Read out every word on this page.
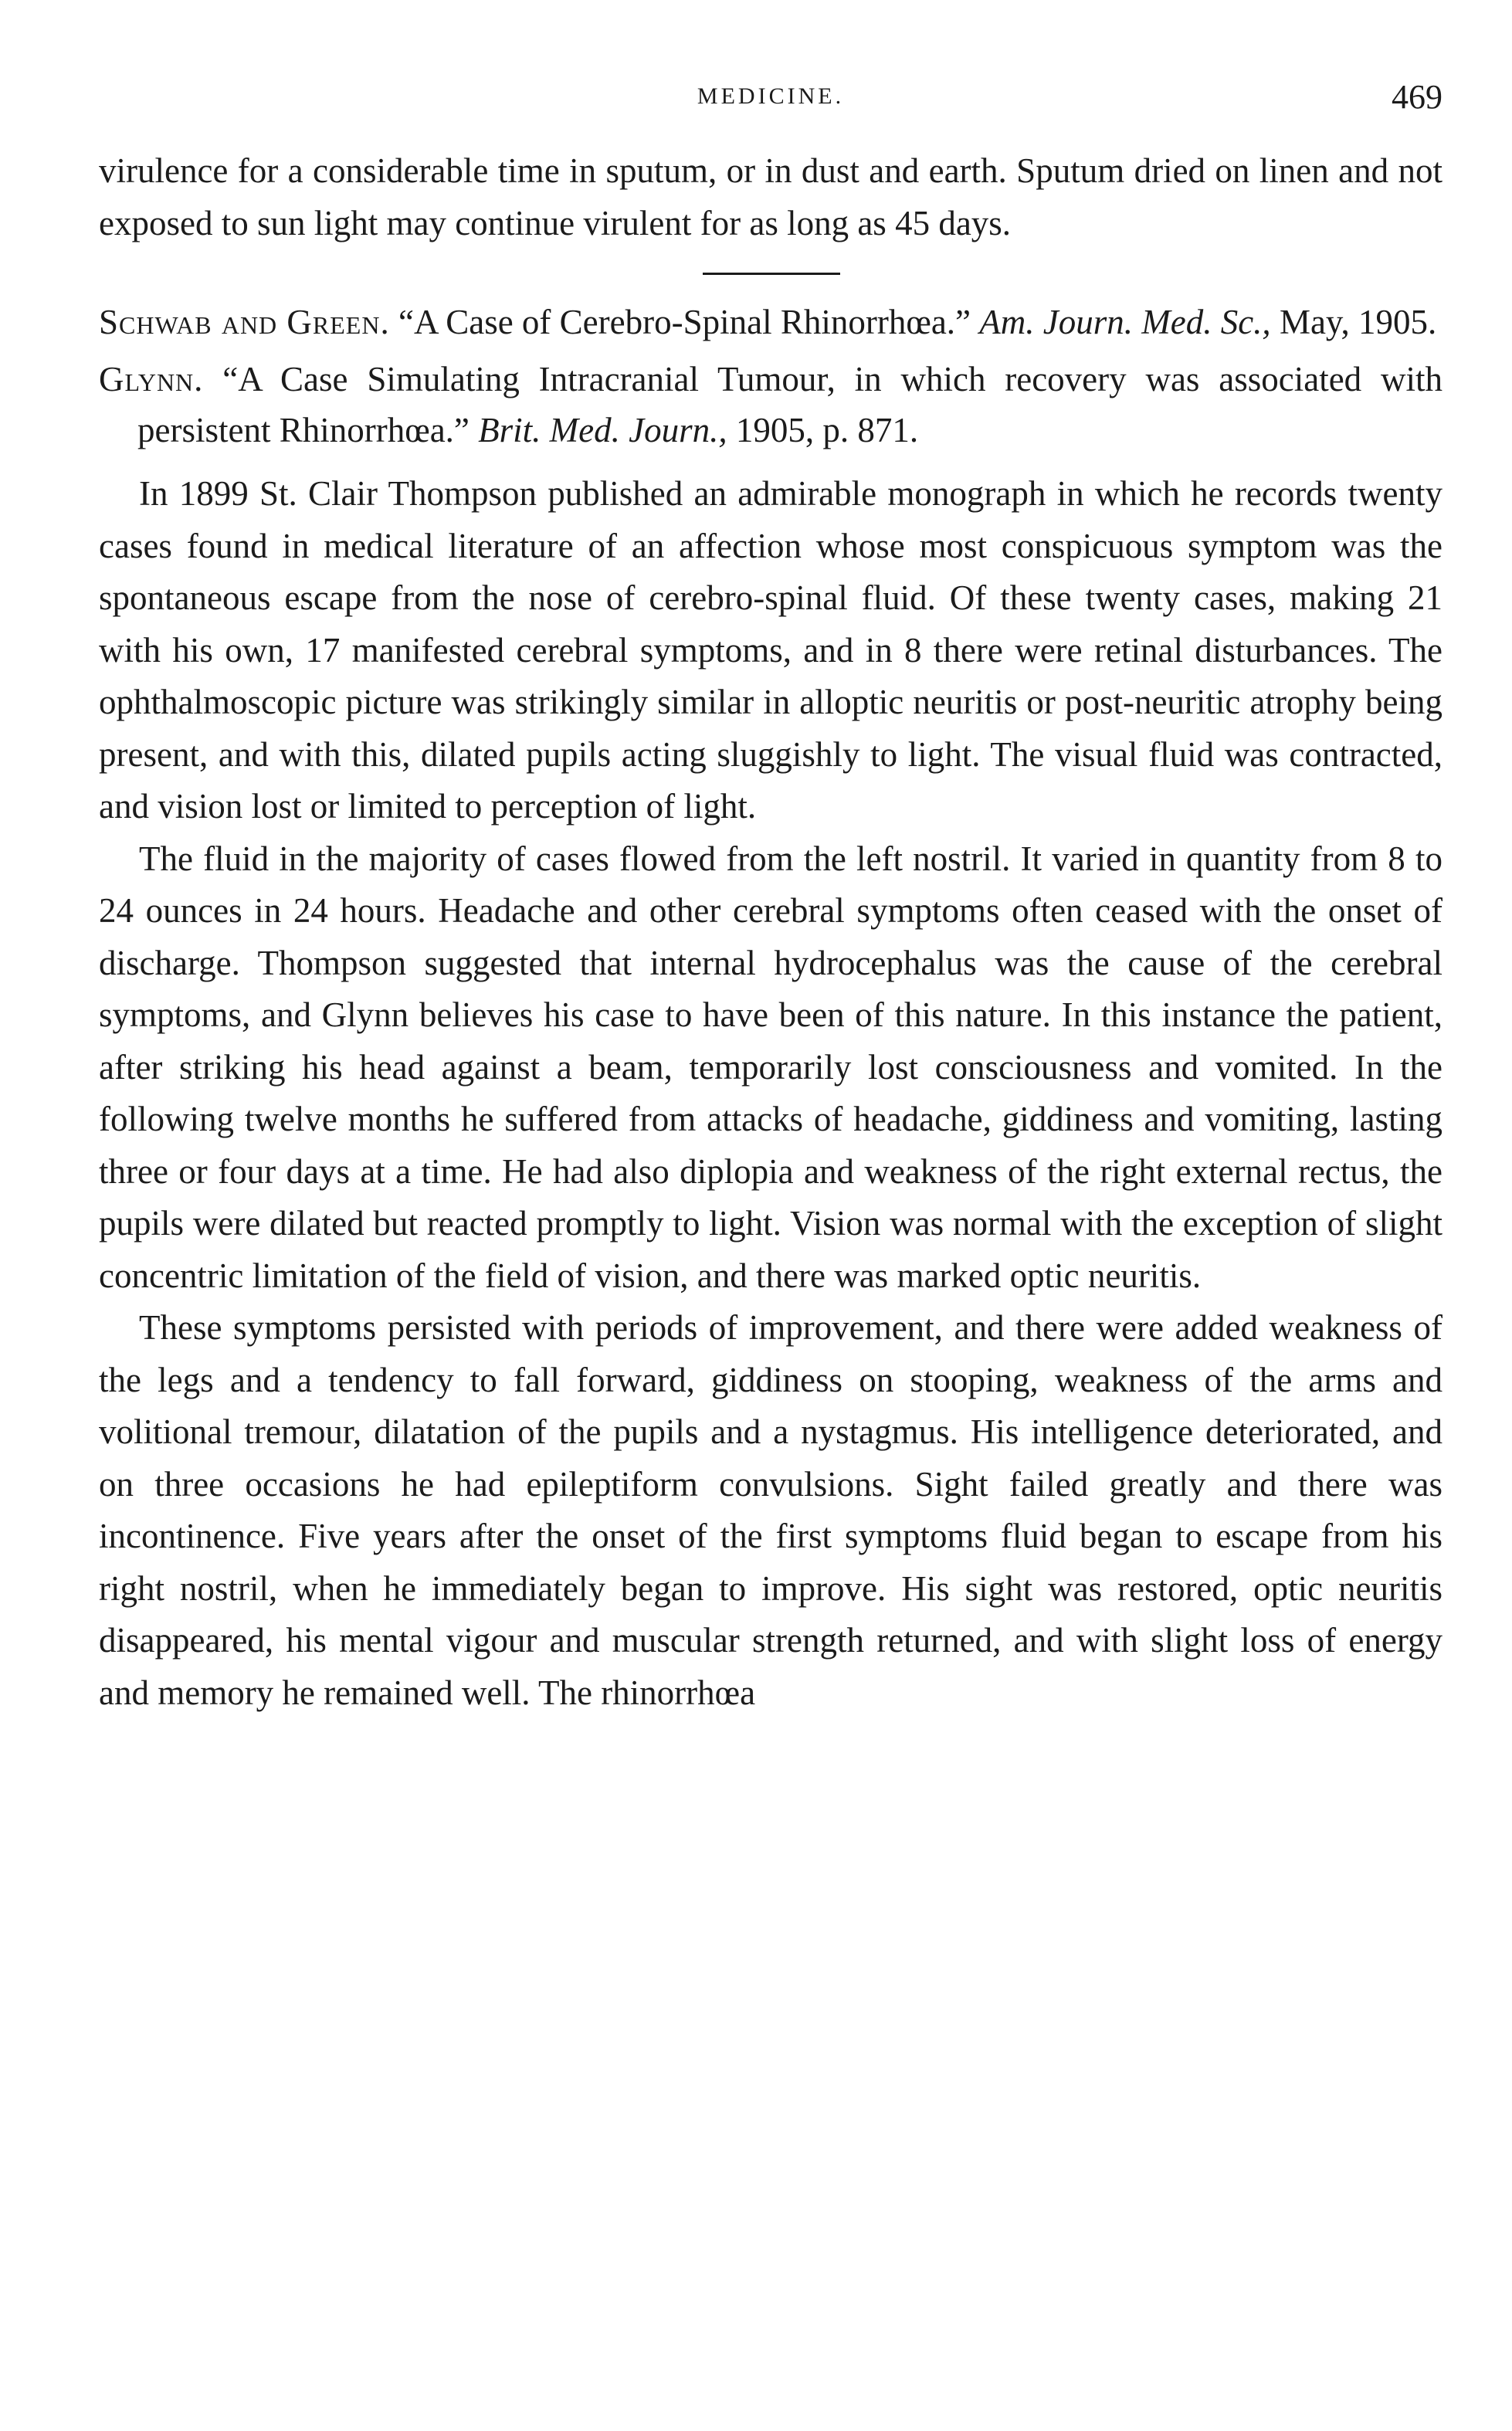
MEDICINE.	469

virulence for a considerable time in sputum, or in dust and earth. Sputum dried on linen and not exposed to sun light may continue virulent for as long as 45 days.

Schwab and Green. “A Case of Cerebro-Spinal Rhinorrhœa.” Am. Journ. Med. Sc., May, 1905.

Glynn. “A Case Simulating Intracranial Tumour, in which recovery was associated with persistent Rhinorrhœa.” Brit. Med. Journ., 1905, p. 871.

In 1899 St. Clair Thompson published an admirable monograph in which he records twenty cases found in medical literature of an affection whose most conspicuous symptom was the spontaneous escape from the nose of cerebro-spinal fluid. Of these twenty cases, making 21 with his own, 17 manifested cerebral symptoms, and in 8 there were retinal disturbances. The ophthalmoscopic picture was strikingly similar in alloptic neuritis or post-neuritic atrophy being present, and with this, dilated pupils acting sluggishly to light. The visual fluid was contracted, and vision lost or limited to perception of light.

The fluid in the majority of cases flowed from the left nostril. It varied in quantity from 8 to 24 ounces in 24 hours. Headache and other cerebral symptoms often ceased with the onset of discharge. Thompson suggested that internal hydrocephalus was the cause of the cerebral symptoms, and Glynn believes his case to have been of this nature. In this instance the patient, after striking his head against a beam, temporarily lost consciousness and vomited. In the following twelve months he suffered from attacks of headache, giddiness and vomiting, lasting three or four days at a time. He had also diplopia and weakness of the right external rectus, the pupils were dilated but reacted promptly to light. Vision was normal with the exception of slight concentric limitation of the field of vision, and there was marked optic neuritis.

These symptoms persisted with periods of improvement, and there were added weakness of the legs and a tendency to fall forward, giddiness on stooping, weakness of the arms and volitional tremour, dilatation of the pupils and a nystagmus. His intelligence deteriorated, and on three occasions he had epileptiform convulsions. Sight failed greatly and there was incontinence. Five years after the onset of the first symptoms fluid began to escape from his right nostril, when he immediately began to improve. His sight was restored, optic neuritis disappeared, his mental vigour and muscular strength returned, and with slight loss of energy and memory he remained well. The rhinorrhœa
